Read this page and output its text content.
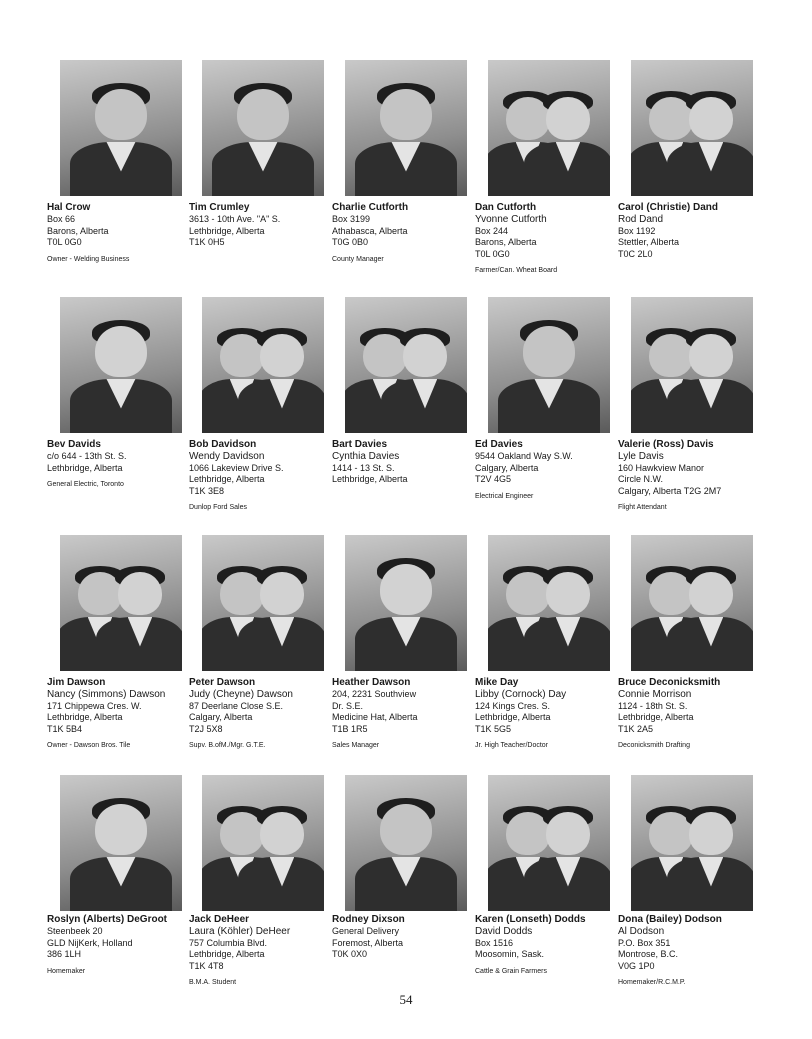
Hal Crow
Box 66
Barons, Alberta
T0L 0G0
Owner - Welding Business
Tim Crumley
3613 - 10th Ave. "A" S.
Lethbridge, Alberta
T1K 0H5
Charlie Cutforth
Box 3199
Athabasca, Alberta
T0G 0B0
County Manager
Dan Cutforth
Yvonne Cutforth
Box 244
Barons, Alberta
T0L 0G0
Farmer/Can. Wheat Board
Carol (Christie) Dand
Rod Dand
Box 1192
Stettler, Alberta
T0C 2L0
Bev Davids
c/o 644 - 13th St. S.
Lethbridge, Alberta
General Electric, Toronto
Bob Davidson
Wendy Davidson
1066 Lakeview Drive S.
Lethbridge, Alberta
T1K 3E8
Dunlop Ford Sales
Bart Davies
Cynthia Davies
1414 - 13 St. S.
Lethbridge, Alberta
Ed Davies
9544 Oakland Way S.W.
Calgary, Alberta
T2V 4G5
Electrical Engineer
Valerie (Ross) Davis
Lyle Davis
160 Hawkview Manor
Circle N.W.
Calgary, Alberta T2G 2M7
Flight Attendant
Jim Dawson
Nancy (Simmons) Dawson
171 Chippewa Cres. W.
Lethbridge, Alberta
T1K 5B4
Owner - Dawson Bros. Tile
Peter Dawson
Judy (Cheyne) Dawson
87 Deerlane Close S.E.
Calgary, Alberta
T2J 5X8
Supv. B.ofM./Mgr. G.T.E.
Heather Dawson
204, 2231 Southview
Dr. S.E.
Medicine Hat, Alberta
T1B 1R5
Sales Manager
Mike Day
Libby (Cornock) Day
124 Kings Cres. S.
Lethbridge, Alberta
T1K 5G5
Jr. High Teacher/Doctor
Bruce Deconicksmith
Connie Morrison
1124 - 18th St. S.
Lethbridge, Alberta
T1K 2A5
Deconicksmith Drafting
Roslyn (Alberts) DeGroot
Steenbeek 20
GLD NijKerk, Holland
386 1LH
Homemaker
Jack DeHeer
Laura (Köhler) DeHeer
757 Columbia Blvd.
Lethbridge, Alberta
T1K 4T8
B.M.A. Student
Rodney Dixson
General Delivery
Foremost, Alberta
T0K 0X0
Karen (Lonseth) Dodds
David Dodds
Box 1516
Moosomin, Sask.
Cattle & Grain Farmers
Dona (Bailey) Dodson
Al Dodson
P.O. Box 351
Montrose, B.C.
V0G 1P0
Homemaker/R.C.M.P.
54
